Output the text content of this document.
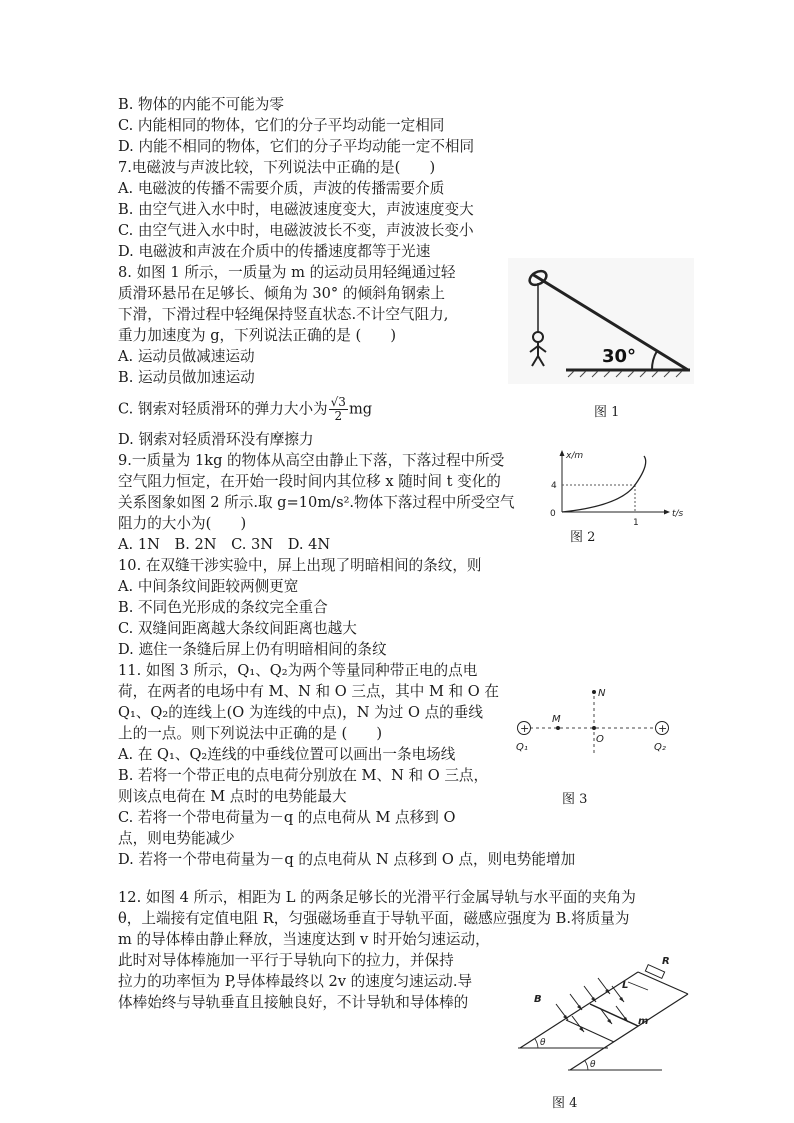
B. 物体的内能不可能为零
C. 内能相同的物体，它们的分子平均动能一定相同
D. 内能不相同的物体，它们的分子平均动能一定不相同
7.电磁波与声波比较，下列说法中正确的是(　　)
A. 电磁波的传播不需要介质，声波的传播需要介质
B. 由空气进入水中时，电磁波速度变大，声波速度变大
C. 由空气进入水中时，电磁波波长不变，声波波长变小
D. 电磁波和声波在介质中的传播速度都等于光速
8. 如图 1 所示，一质量为 m 的运动员用轻绳通过轻
质滑环悬吊在足够长、倾角为 30° 的倾斜角钢索上
下滑，下滑过程中轻绳保持竖直状态.不计空气阻力,
重力加速度为 g，下列说法正确的是 (　　)
A. 运动员做减速运动
B. 运动员做加速运动
C. 钢索对轻质滑环的弹力大小为 $\frac{√3}{2}$ mg
D. 钢索对轻质滑环没有摩擦力
9.一质量为 1kg 的物体从高空由静止下落，下落过程中所受
空气阻力恒定，在开始一段时间内其位移 x 随时间 t 变化的
关系图象如图 2 所示.取 g=10m/s².物体下落过程中所受空气
阻力的大小为(　　)
A. 1N　B. 2N　C. 3N　D. 4N
10. 在双缝干涉实验中，屏上出现了明暗相间的条纹，则
A. 中间条纹间距较两侧更宽
B. 不同色光形成的条纹完全重合
C. 双缝间距离越大条纹间距离也越大
D. 遮住一条缝后屏上仍有明暗相间的条纹
11. 如图 3 所示，Q₁、Q₂为两个等量同种带正电的点电
荷，在两者的电场中有 M、N 和 O 三点，其中 M 和 O 在
Q₁、Q₂的连线上(O 为连线的中点)，N 为过 O 点的垂线
上的一点。则下列说法中正确的是 (　　)
A. 在 Q₁、Q₂连线的中垂线位置可以画出一条电场线
B. 若将一个带正电的点电荷分别放在 M、N 和 O 三点，
则该点电荷在 M 点时的电势能最大
C. 若将一个带电荷量为－q 的点电荷从 M 点移到 O
点，则电势能减少
D. 若将一个带电荷量为－q 的点电荷从 N 点移到 O 点，则电势能增加
12. 如图 4 所示，相距为 L 的两条足够长的光滑平行金属导轨与水平面的夹角为
θ，上端接有定值电阻 R，匀强磁场垂直于导轨平面，磁感应强度为 B.将质量为
m 的导体棒由静止释放，当速度达到 v 时开始匀速运动，
此时对导体棒施加一平行于导轨向下的拉力，并保持
拉力的功率恒为 P,导体棒最终以 2v 的速度匀速运动.导
体棒始终与导轨垂直且接触良好，不计导轨和导体棒的
30°
图 1
x/m
t/s
0
4
1
图 2
+	+
M
N
O
Q₁	Q₂
图 3
R
L
B
m
θ
θ
图 4
